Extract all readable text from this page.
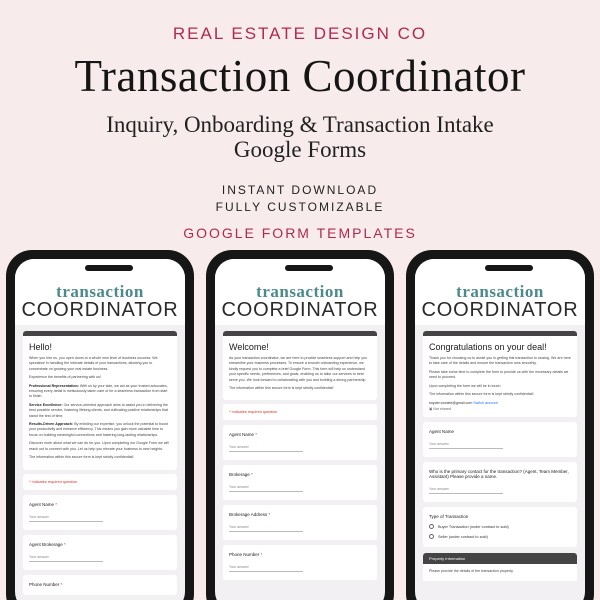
REAL ESTATE DESIGN CO
Transaction Coordinator
Inquiry, Onboarding & Transaction Intake
Google Forms
INSTANT DOWNLOAD
FULLY CUSTOMIZABLE
GOOGLE FORM TEMPLATES
transaction
COORDINATOR
Hello!
When you hire us, you open doors to a whole new level of business success. We specialize in handling the intricate details of your transactions, allowing you to concentrate on growing your real estate business.
Experience the benefits of partnering with us!
Professional Representation: With us by your side, we act as your trusted advocates, ensuring every detail is meticulously taken care of for a seamless transaction from start to finish.
Service Excellence: Our service-oriented approach aims to assist you in delivering the best possible service, fostering lifelong clients, and cultivating positive relationships that stand the test of time.
Results-Driven Approach: By enlisting our expertise, you unlock the potential to boost your productivity and enhance efficiency. This means you gain more valuable time to focus on building meaningful connections and fostering long-lasting relationships.
Discover more about what we can do for you. Upon completing our Google Form we will reach out to connect with you. Let us help you elevate your business to new heights.
The information within this secure form is kept strictly confidential!
* Indicates required question
Agent Name *
Your answer
Agent Brokerage *
Your answer
Phone Number *
transaction
COORDINATOR
Welcome!
As your transaction coordinator, we are here to provide seamless support and help you streamline your business processes. To ensure a smooth onboarding experience, we kindly request you to complete a brief Google Form. This form will help us understand your specific needs, preferences, and goals, enabling us to tailor our services to best serve you. We look forward to collaborating with you and building a strong partnership.
The information within this secure form is kept strictly confidential!
* Indicates required question
Agent Name *
Your answer
Brokerage *
Your answer
Brokerage Address *
Your answer
Phone Number *
Your answer
transaction
COORDINATOR
Congratulations on your deal!
Thank you for choosing us to assist you in getting this transaction to closing. We are here to take care of the details and ensure the transaction runs smoothly.
Please take some time to complete the form to provide us with the necessary details we need to proceed.
Upon completing the form we will be in touch.
The information within this secure form is kept strictly confidential!
snyder.toonlee@gmail.com Switch account
▣ Not shared
Agent Name
Your answer
Who is the primary contact for the transaction? (Agent, Team Member, Assistant) Please provide a name.
Your answer
Type of Transaction
Buyer Transaction (under contract to sold)
Seller (under contract to sold)
Property Information
Please provide the details of the transaction property.
